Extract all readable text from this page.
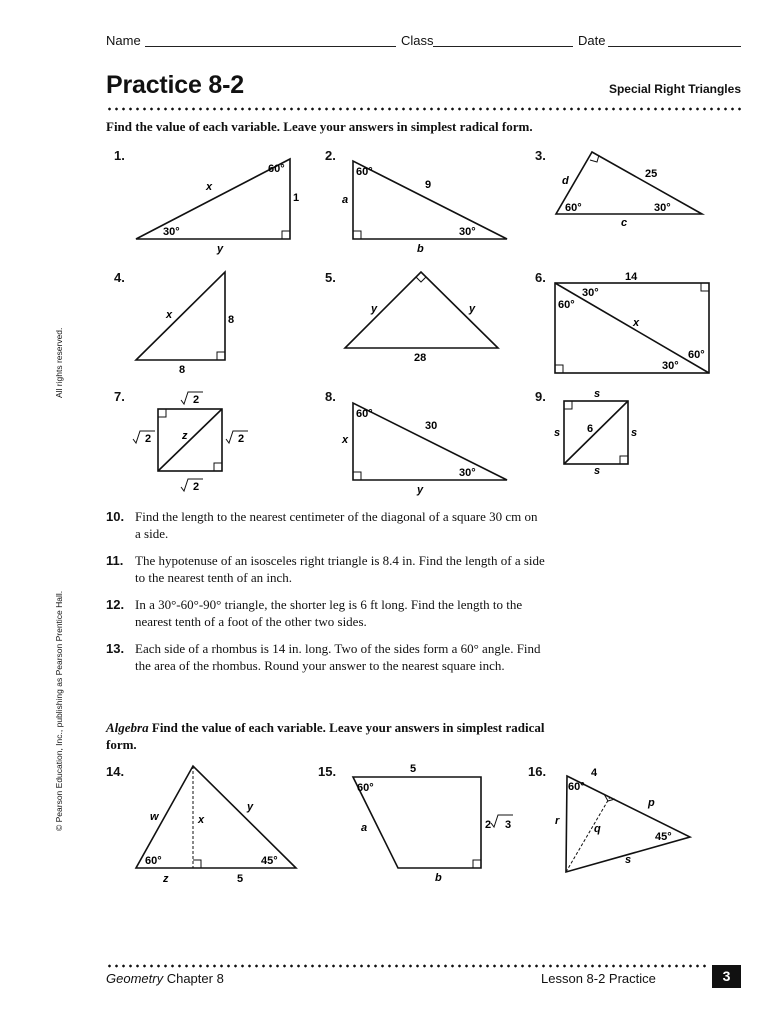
Name	Class	Date
Practice 8-2	Special Right Triangles
Find the value of each variable. Leave your answers in simplest radical form.
All rights reserved.
© Pearson Education, Inc., publishing as Pearson Prentice Hall.
1.	2.	3.
4.	5.	6.
7.	8.	9.
14.	15.	16.
60°
30°
x
1
y
60°
30°
9
a
b
d
25
60°	30°
c
x	8
8
y	y
28
14
30°
60°
x
60°
30°
2
2	2
2
z
60°
30
x
30°
y
s
s	s
6
s
w	x
y
60°	45°
z	5
5
60°
a	2 3
b
4
60°
p
r
q
45°
s
10. Find the length to the nearest centimeter of the diagonal of a square 30 cm on a side.
11. The hypotenuse of an isosceles right triangle is 8.4 in. Find the length of a side to the nearest tenth of an inch.
12. In a 30°-60°-90° triangle, the shorter leg is 6 ft long. Find the length to the nearest tenth of a foot of the other two sides.
13. Each side of a rhombus is 14 in. long. Two of the sides form a 60° angle. Find the area of the rhombus. Round your answer to the nearest square inch.
Algebra Find the value of each variable. Leave your answers in simplest radical form.
Geometry Chapter 8	Lesson 8-2 Practice	3
